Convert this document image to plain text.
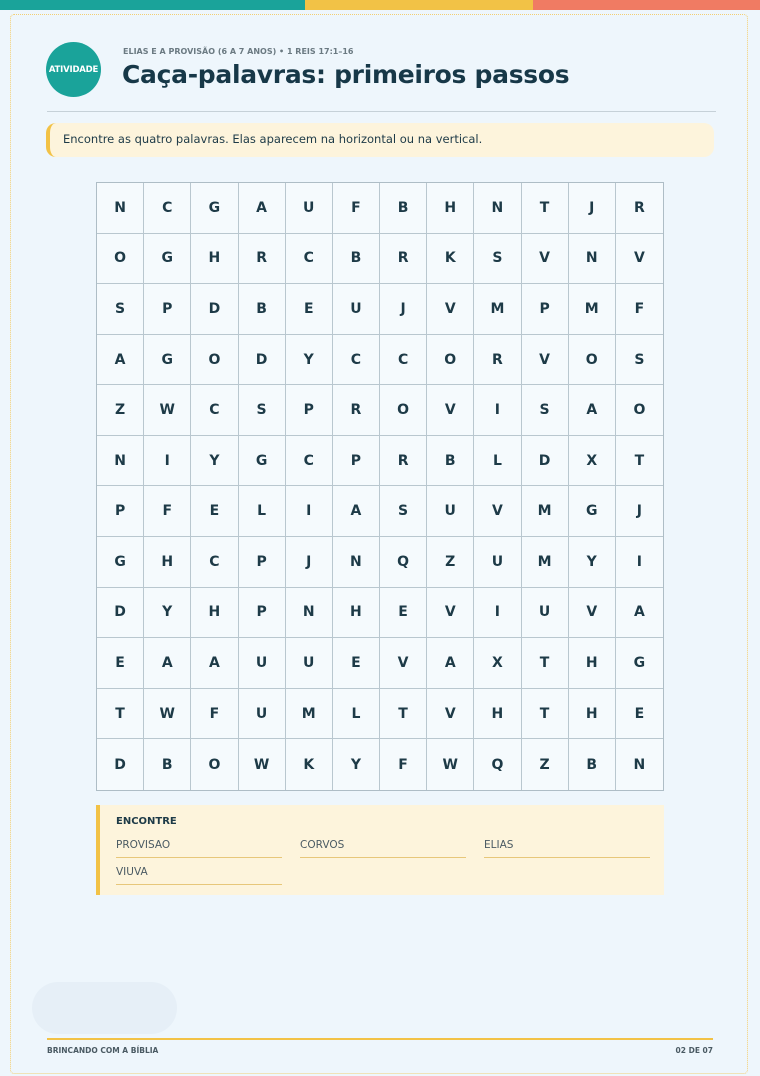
ATIVIDADE
ELIAS E A PROVISÃO (6 A 7 ANOS) • 1 REIS 17:1–16
Caça-palavras: primeiros passos
Encontre as quatro palavras. Elas aparecem na horizontal ou na vertical.
N	C	G	A	U	F	B	H	N	T	J	R
O	G	H	R	C	B	R	K	S	V	N	V
S	P	D	B	E	U	J	V	M	P	M	F
A	G	O	D	Y	C	C	O	R	V	O	S
Z	W	C	S	P	R	O	V	I	S	A	O
N	I	Y	G	C	P	R	B	L	D	X	T
P	F	E	L	I	A	S	U	V	M	G	J
G	H	C	P	J	N	Q	Z	U	M	Y	I
D	Y	H	P	N	H	E	V	I	U	V	A
E	A	A	U	U	E	V	A	X	T	H	G
T	W	F	U	M	L	T	V	H	T	H	E
D	B	O	W	K	Y	F	W	Q	Z	B	N
ENCONTRE
PROVISAO	CORVOS	ELIAS
VIUVA
BRINCANDO COM A BÍBLIA	02 DE 07
